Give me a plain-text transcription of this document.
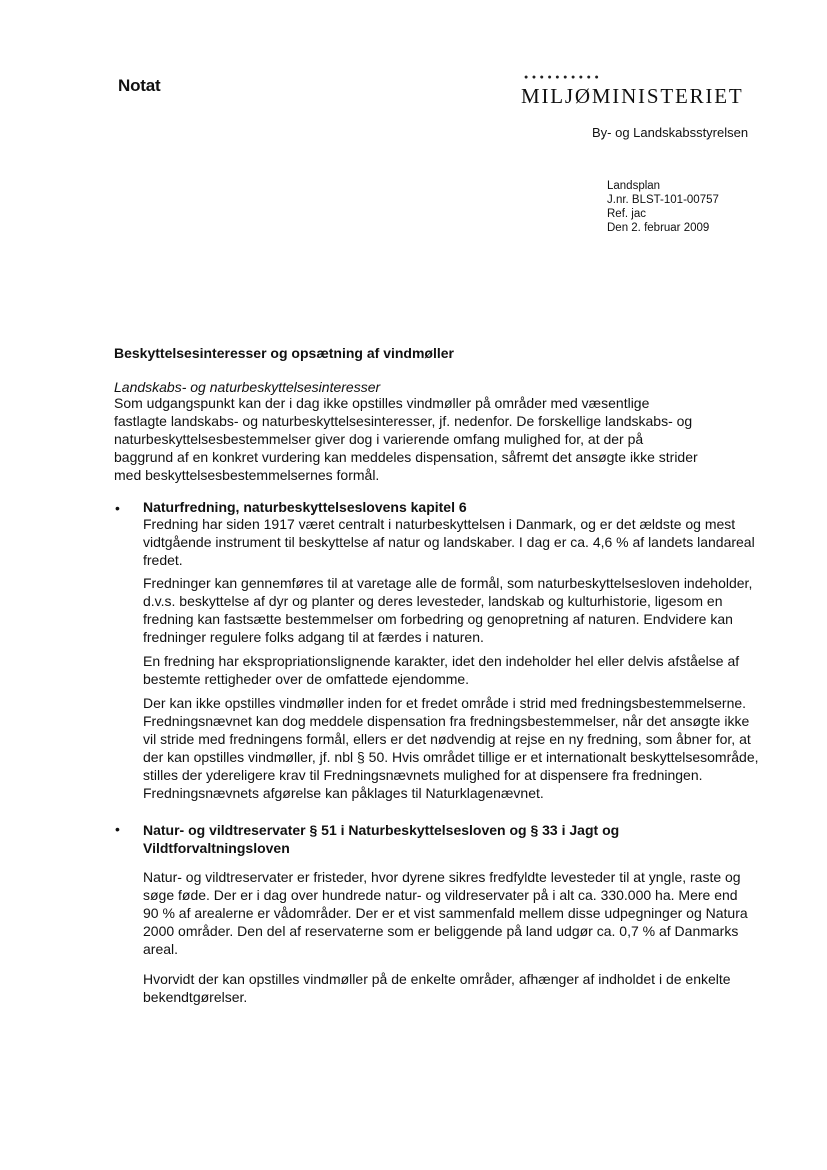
Notat	●●●●●●●●●●
MILJØMINISTERIET
By- og Landskabsstyrelsen
Landsplan
J.nr. BLST-101-00757
Ref. jac
Den 2. februar 2009
Beskyttelsesinteresser og opsætning af vindmøller
Landskabs- og naturbeskyttelsesinteresser

Som udgangspunkt kan der i dag ikke opstilles vindmøller på områder med væsentlige fastlagte landskabs- og naturbeskyttelsesinteresser, jf. nedenfor. De forskellige landskabs- og naturbeskyttelsesbestemmelser giver dog i varierende omfang mulighed for, at der på baggrund af en konkret vurdering kan meddeles dispensation, såfremt det ansøgte ikke strider med beskyttelsesbestemmelsernes formål.

• Naturfredning, naturbeskyttelseslovens kapitel 6

Fredning har siden 1917 været centralt i naturbeskyttelsen i Danmark, og er det ældste og mest vidtgående instrument til beskyttelse af natur og landskaber. I dag er ca. 4,6 % af landets landareal fredet.

Fredninger kan gennemføres til at varetage alle de formål, som naturbeskyttelsesloven indeholder, d.v.s. beskyttelse af dyr og planter og deres levesteder, landskab og kulturhistorie, ligesom en fredning kan fastsætte bestemmelser om forbedring og genopretning af naturen. Endvidere kan fredninger regulere folks adgang til at færdes i naturen.

En fredning har ekspropriationslignende karakter, idet den indeholder hel eller delvis afståelse af bestemte rettigheder over de omfattede ejendomme.

Der kan ikke opstilles vindmøller inden for et fredet område i strid med fredningsbestemmelserne. Fredningsnævnet kan dog meddele dispensation fra fredningsbestemmelser, når det ansøgte ikke vil stride med fredningens formål, ellers er det nødvendig at rejse en ny fredning, som åbner for, at der kan opstilles vindmøller, jf. nbl § 50. Hvis området tillige er et internationalt beskyttelsesområde, stilles der ydereligere krav til Fredningsnævnets mulighed for at dispensere fra fredningen. Fredningsnævnets afgørelse kan påklages til Naturklagenævnet.

• Natur- og vildtreservater § 51 i Naturbeskyttelsesloven og § 33 i Jagt og Vildtforvaltningsloven

Natur- og vildtreservater er fristeder, hvor dyrene sikres fredfyldte levesteder til at yngle, raste og søge føde. Der er i dag over hundrede natur- og vildreservater på i alt ca. 330.000 ha. Mere end 90 % af arealerne er vådområder. Der er et vist sammenfald mellem disse udpegninger og Natura 2000 områder. Den del af reservaterne som er beliggende på land udgør ca. 0,7 % af Danmarks areal.

Hvorvidt der kan opstilles vindmøller på de enkelte områder, afhænger af indholdet i de enkelte bekendtgørelser.
